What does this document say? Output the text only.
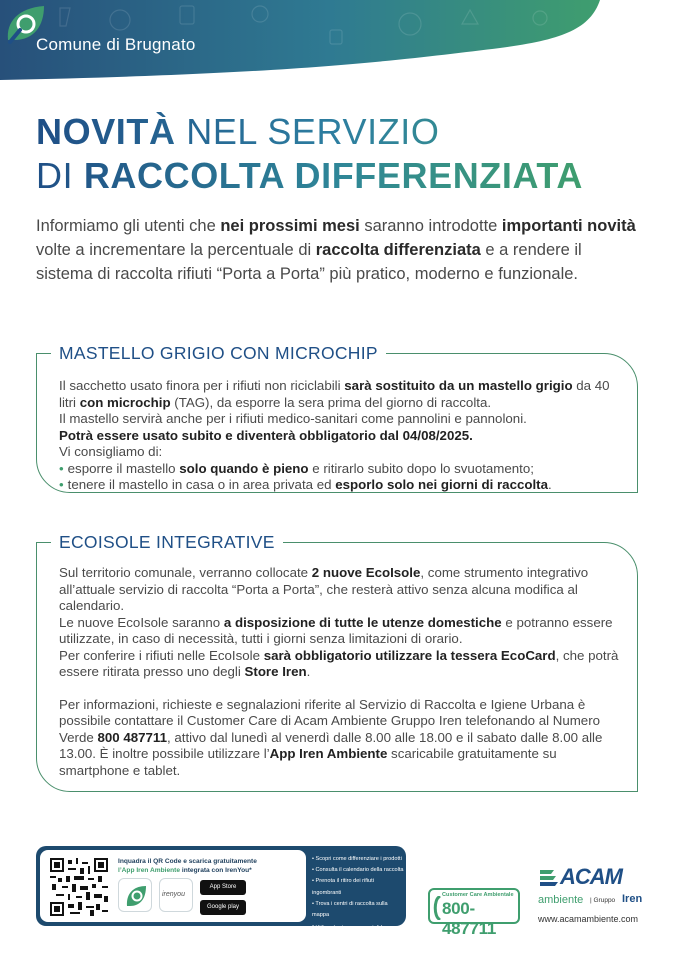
Comune di Brugnato
NOVITÀ NEL SERVIZIO
DI RACCOLTA DIFFERENZIATA

Informiamo gli utenti che nei prossimi mesi saranno introdotte importanti novità volte a incrementare la percentuale di raccolta differenziata e a rendere il sistema di raccolta rifiuti “Porta a Porta” più pratico, moderno e funzionale.

MASTELLO GRIGIO CON MICROCHIP
Il sacchetto usato finora per i rifiuti non riciclabili sarà sostituito da un mastello grigio da 40 litri con microchip (TAG), da esporre la sera prima del giorno di raccolta.
Il mastello servirà anche per i rifiuti medico-sanitari come pannolini e pannoloni.
Potrà essere usato subito e diventerà obbligatorio dal 04/08/2025.
Vi consigliamo di:
• esporre il mastello solo quando è pieno e ritirarlo subito dopo lo svuotamento;
• tenere il mastello in casa o in area privata ed esporlo solo nei giorni di raccolta.
ECOISOLE INTEGRATIVE
Sul territorio comunale, verranno collocate 2 nuove EcoIsole, come strumento integrativo all’attuale servizio di raccolta “Porta a Porta”, che resterà attivo senza alcuna modifica al calendario.
Le nuove EcoIsole saranno a disposizione di tutte le utenze domestiche e potranno essere utilizzate, in caso di necessità, tutti i giorni senza limitazioni di orario.
Per conferire i rifiuti nelle EcoIsole sarà obbligatorio utilizzare la tessera EcoCard, che potrà essere ritirata presso uno degli Store Iren.
Per informazioni, richieste e segnalazioni riferite al Servizio di Raccolta e Igiene Urbana è possibile contattare il Customer Care di Acam Ambiente Gruppo Iren telefonando al Numero Verde 800 487711, attivo dal lunedì al venerdì dalle 8.00 alle 18.00 e il sabato dalle 8.00 alle 13.00. È inoltre possibile utilizzare l’App Iren Ambiente scaricabile gratuitamente su smartphone e tablet.
Inquadra il QR Code e scarica gratuitamente
l’App Iren Ambiente integrata con IrenYou*
irenyou
App Store
Google play
• Scopri come differenziare i prodotti
• Consulta il calendario della raccolta
• Prenota il ritiro dei rifiuti ingombranti
• Trova i centri di raccolta sulla mappa

* Utilizza lo stesso account di Irenyou.

Customer Care Ambientale
800-487711
ACAM
ambiente | Gruppo Iren
www.acamambiente.com
